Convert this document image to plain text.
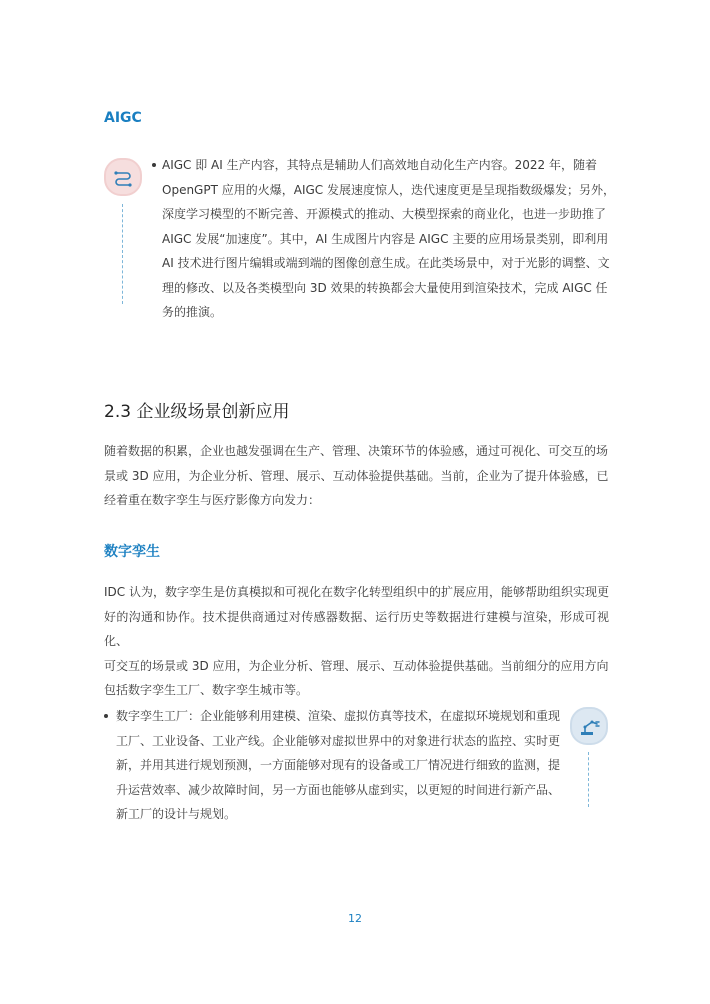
AIGC
AIGC 即 AI 生产内容，其特点是辅助人们高效地自动化生产内容。2022 年，随着
OpenGPT 应用的火爆，AIGC 发展速度惊人，迭代速度更是呈现指数级爆发；另外，
深度学习模型的不断完善、开源模式的推动、大模型探索的商业化，也进一步助推了
AIGC 发展“加速度”。其中，AI 生成图片内容是 AIGC 主要的应用场景类别，即利用
AI 技术进行图片编辑或端到端的图像创意生成。在此类场景中，对于光影的调整、文
理的修改、以及各类模型向 3D 效果的转换都会大量使用到渲染技术，完成 AIGC 任
务的推演。
2.3 企业级场景创新应用
随着数据的积累，企业也越发强调在生产、管理、决策环节的体验感，通过可视化、可交互的场
景或 3D 应用，为企业分析、管理、展示、互动体验提供基础。当前，企业为了提升体验感，已
经着重在数字孪生与医疗影像方向发力：
数字孪生
IDC 认为，数字孪生是仿真模拟和可视化在数字化转型组织中的扩展应用，能够帮助组织实现更
好的沟通和协作。技术提供商通过对传感器数据、运行历史等数据进行建模与渲染，形成可视化、
可交互的场景或 3D 应用，为企业分析、管理、展示、互动体验提供基础。当前细分的应用方向
包括数字孪生工厂、数字孪生城市等。
数字孪生工厂：企业能够利用建模、渲染、虚拟仿真等技术，在虚拟环境规划和重现
工厂、工业设备、工业产线。企业能够对虚拟世界中的对象进行状态的监控、实时更
新，并用其进行规划预测，一方面能够对现有的设备或工厂情况进行细致的监测，提
升运营效率、减少故障时间，另一方面也能够从虚到实，以更短的时间进行新产品、
新工厂的设计与规划。
12
